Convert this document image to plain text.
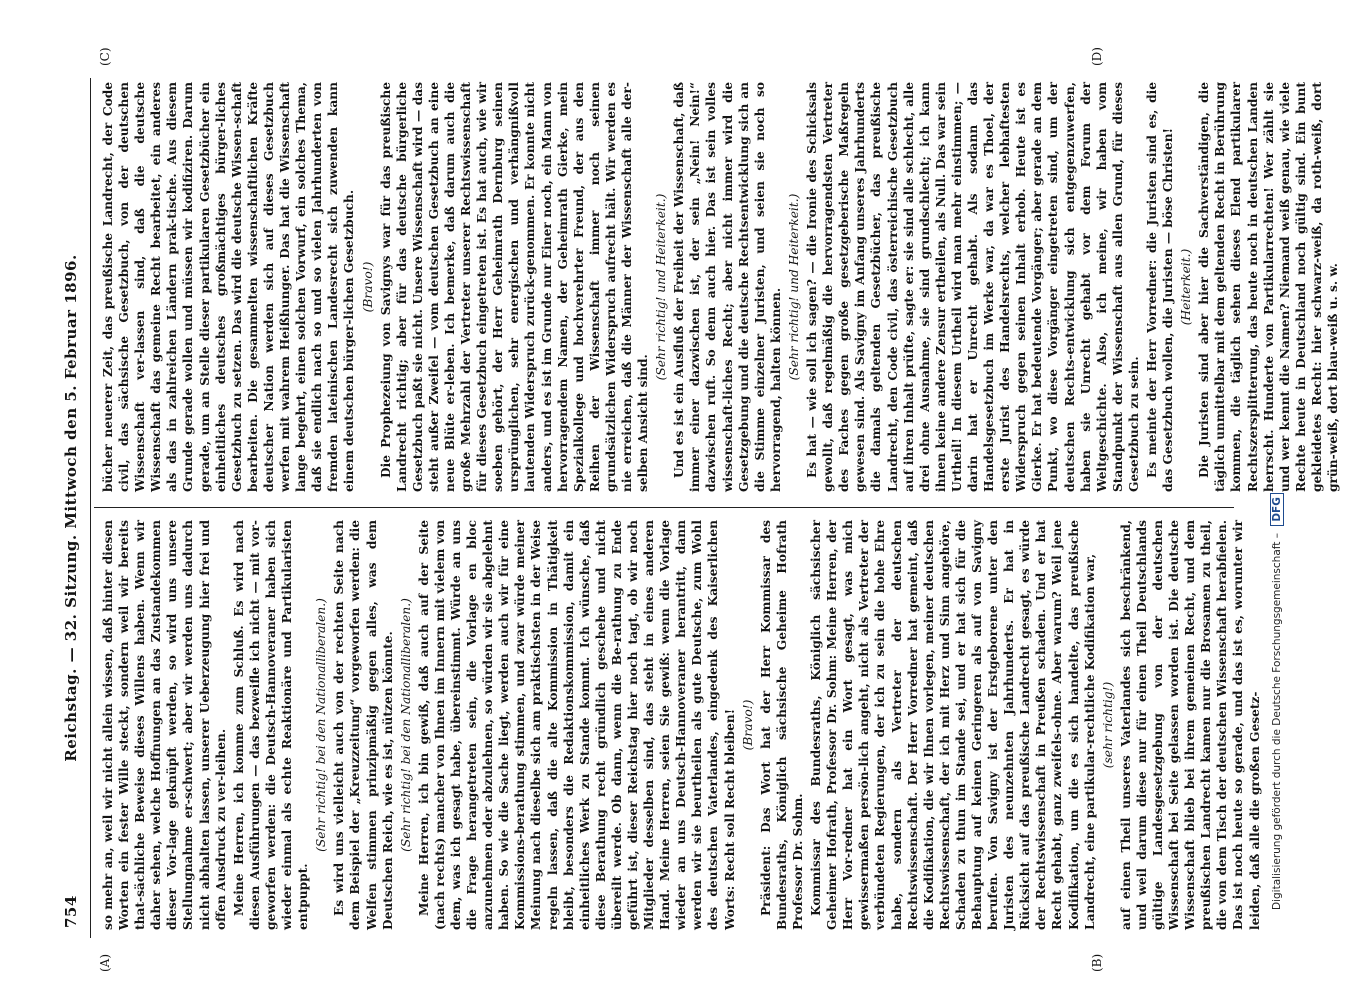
754
Reichstag. — 32. Sitzung. Mittwoch den 5. Februar 1896.
(A)	(B)
(C)	(D)

so mehr an, weil wir nicht allein wissen, daß hinter diesen Worten ein fester Wille steckt, sondern weil wir bereits that-sächliche Beweise dieses Willens haben. Wenn wir daher sehen, welche Hoffnungen an das Zustandekommen dieser Vor-lage geknüpft werden, so wird uns unsere Stellungnahme er-schwert; aber wir werden uns dadurch nicht abhalten lassen, unserer Ueberzeugung hier frei und offen Ausdruck zu ver-leihen. Meine Herren, ich komme zum Schluß. Es wird nach diesen Ausführungen — das bezweifle ich nicht — mit vor-geworfen werden: die Deutsch-Hannoveraner haben sich wieder einmal als echte Reaktionäre und Partikularisten entpuppt.

(Sehr richtig! bei den Nationalliberalen.) Es wird uns vielleicht auch von der rechten Seite nach dem Beispiel der „Kreuzzeitung“ vorgeworfen werden: die Welfen stimmen prinzipmäßig gegen alles, was dem Deutschen Reich, wie es ist, nützen könnte. (Sehr richtig! bei den Nationalliberalen.) Meine Herren, ich bin gewiß, daß auch auf der Seite (nach rechts) mancher von Ihnen im Innern mit vielem von dem, was ich gesagt habe, übereinstimmt. Würde an uns die Frage herangetreten sein, die Vorlage en bloc anzunehmen oder abzulehnen, so würden wir sie abgelehnt haben. So wie die Sache liegt, werden auch wir für eine Kommissions-berathung stimmen, und zwar würde meiner Meinung nach dieselbe sich am praktischsten in der Weise regeln lassen, daß die alte Kommission in Thätigkeit bleibt, besonders die Redaktionskommission, damit ein einheitliches Werk zu Stande kommt. Ich wünsche, daß diese Berathung recht gründlich geschehe und nicht übereilt werde. Ob dann, wenn die Be-rathung zu Ende geführt ist, dieser Reichstag hier noch tagt, ob wir noch Mitglieder desselben sind, das steht in eines anderen Hand. Meine Herren, seien Sie gewiß: wenn die Vorlage wieder an uns Deutsch-Hannoveraner herantritt, dann werden wir sie beurtheilen als gute Deutsche, zum Wohl des deutschen Vaterlandes, eingedenk des Kaiserlichen Worts: Recht soll Recht bleiben! (Bravo!) Präsident: Das Wort hat der Herr Kommissar des Bundesraths, Königlich sächsische Geheime Hofrath Professor Dr. Sohm. Kommissar des Bundesraths, Königlich sächsischer Geheimer Hofrath, Professor Dr. Sohm: Meine Herren, der Herr Vor-redner hat ein Wort gesagt, was mich gewissermaßen persön-lich angeht, nicht als Vertreter der verbündeten Regierungen, der ich zu sein die hohe Ehre habe, sondern als Vertreter der deutschen Rechtswissenschaft. Der Herr Vorredner hat gemeint, daß die Kodifikation, die wir Ihnen vorlegen, meiner deutschen Rechtswissenschaft, der ich mit Herz und Sinn angehöre, Schaden zu thun im Stande sei, und er hat sich für die Behauptung auf keinen Geringeren als auf von Savigny berufen. Von Savigny ist der Erstgeborene unter den Juristen des neunzehnten Jahrhunderts. Er hat in Rücksicht auf das preußische Landrecht gesagt, es würde der Rechtswissenschaft in Preußen schaden. Und er hat Recht gehabt, ganz zweifels-ohne. Aber warum? Weil jene Kodifikation, um die es sich handelte, das preußische Landrecht, eine partikular-rechtliche Kodifikation war, (sehr richtig!) auf einen Theil unseres Vaterlandes sich beschränkend, und weil darum diese nur für einen Theil Deutschlands gültige Landesgesetzgebung von der deutschen Wissenschaft bei Seite gelassen worden ist. Die deutsche Wissenschaft blieb bei ihrem gemeinen Recht, und dem preußischen Landrecht kamen nur die Brosamen zu theil, die von dem Tisch der deutschen Wissenschaft herabfielen. Das ist noch heute so gerade, und das ist es, worunter wir leiden, daß alle die großen Gesetz-

bücher neuerer Zeit, das preußische Landrecht, der Code civil, das sächsische Gesetzbuch, von der deutschen Wissenschaft ver-lassen sind, daß die deutsche Wissenschaft das gemeine Recht bearbeitet, ein anderes als das in zahlreichen Ländern prak-tische. Aus diesem Grunde gerade wollen und müssen wir kodifiziren. Darum gerade, um an Stelle dieser partikularen Gesetzbücher ein einheitliches deutsches großmächtiges bürger-liches Gesetzbuch zu setzen. Das wird die deutsche Wissen-schaft bearbeiten. Die gesammelten wissenschaftlichen Kräfte deutscher Nation werden sich auf dieses Gesetzbuch werfen mit wahrem Heißhunger. Das hat die Wissenschaft lange begehrt, einen solchen Vorwurf, ein solches Thema, daß sie endlich nach so und so vielen Jahrhunderten von fremden lateinischen Landesrecht sich zuwenden kann einem deutschen bürger-lichen Gesetzbuch. (Bravo!) Die Prophezeiung von Savignys war für das preußische Landrecht richtig; aber für das deutsche bürgerliche Gesetzbuch paßt sie nicht. Unsere Wissenschaft wird — das steht außer Zweifel — vom deutschen Gesetzbuch an eine neue Blüte er-leben. Ich bemerke, daß darum auch die große Mehrzahl der Vertreter unserer Rechtswissenschaft für dieses Gesetzbuch eingetreten ist. Es hat auch, wie wir soeben gehört, der Herr Geheimrath Dernburg seinen ursprünglichen, sehr energischen und verhängnißvoll lautenden Widerspruch zurück-genommen. Er konnte nicht anders, und es ist im Grunde nur Einer noch, ein Mann von hervorragendem Namen, der Geheimrath Gierke, mein Spezialkollege und hochverehrter Freund, der aus den Reihen der Wissenschaft immer noch seinen grundsätzlichen Widerspruch aufrecht hält. Wir werden es nie erreichen, daß die Männer der Wissenschaft alle der-selben Ansicht sind.

(Sehr richtig! und Heiterkeit.) Und es ist ein Ausfluß der Freiheit der Wissenschaft, daß immer einer dazwischen ist, der sein „Nein! Nein!“ dazwischen ruft. So denn auch hier. Das ist sein volles wissenschaft-liches Recht; aber nicht immer wird die Gesetzgebung und die deutsche Rechtsentwicklung sich an die Stimme einzelner Juristen, und seien sie noch so hervorragend, halten können.

(Sehr richtig! und Heiterkeit.) Es hat — wie soll ich sagen? — die Ironie des Schicksals gewollt, daß regelmäßig die hervorragendsten Vertreter des Faches gegen große gesetzgeberische Maßregeln gewesen sind. Als Savigny im Anfang unseres Jahrhunderts die damals geltenden Gesetzbücher, das preußische Landrecht, den Code civil, das österreichische Gesetzbuch auf ihren Inhalt prüfte, sagte er: sie sind alle schlecht, alle drei ohne Ausnahme, sie sind grundschlecht; ich kann ihnen keine andere Zensur ertheilen, als Null. Das war sein Urtheil! In diesem Urtheil wird man mehr einstimmen; — darin hat er Unrecht gehabt. Als sodann das Handelsgesetzbuch im Werke war, da war es Thoel, der erste Jurist des Handelsrechts, welcher lebhaftesten Widerspruch gegen seinen Inhalt erhob. Heute ist es Gierke. Er hat bedeutende Vorgänger; aber gerade an dem Punkt, wo diese Vorgänger eingetreten sind, um der deutschen Rechts-entwicklung sich entgegenzuwerfen, haben sie Unrecht gehabt vor dem Forum der Weltgeschichte. Also, ich meine, wir haben vom Standpunkt der Wissenschaft aus allen Grund, für dieses Gesetzbuch zu sein. Es meinte der Herr Vorredner: die Juristen sind es, die das Gesetzbuch wollen, die Juristen — böse Christen! (Heiterkeit.) Die Juristen sind aber hier die Sachverständigen, die täglich unmittelbar mit dem geltenden Recht in Berührung kommen, die täglich sehen dieses Elend partikularer Rechtszersplitterung, das heute noch in deutschen Landen herrscht. Hunderte von Partikularrechten! Wer zählt sie und wer kennt die Namen? Niemand weiß genau, wie viele Rechte heute in Deutschland noch gültig sind. Ein bunt gekleidetes Recht: hier schwarz-weiß, da roth-weiß, dort grün-weiß, dort blau-weiß u. s. w.

Digitalisierung gefördert durch die Deutsche Forschungsgemeinschaft – DFG
